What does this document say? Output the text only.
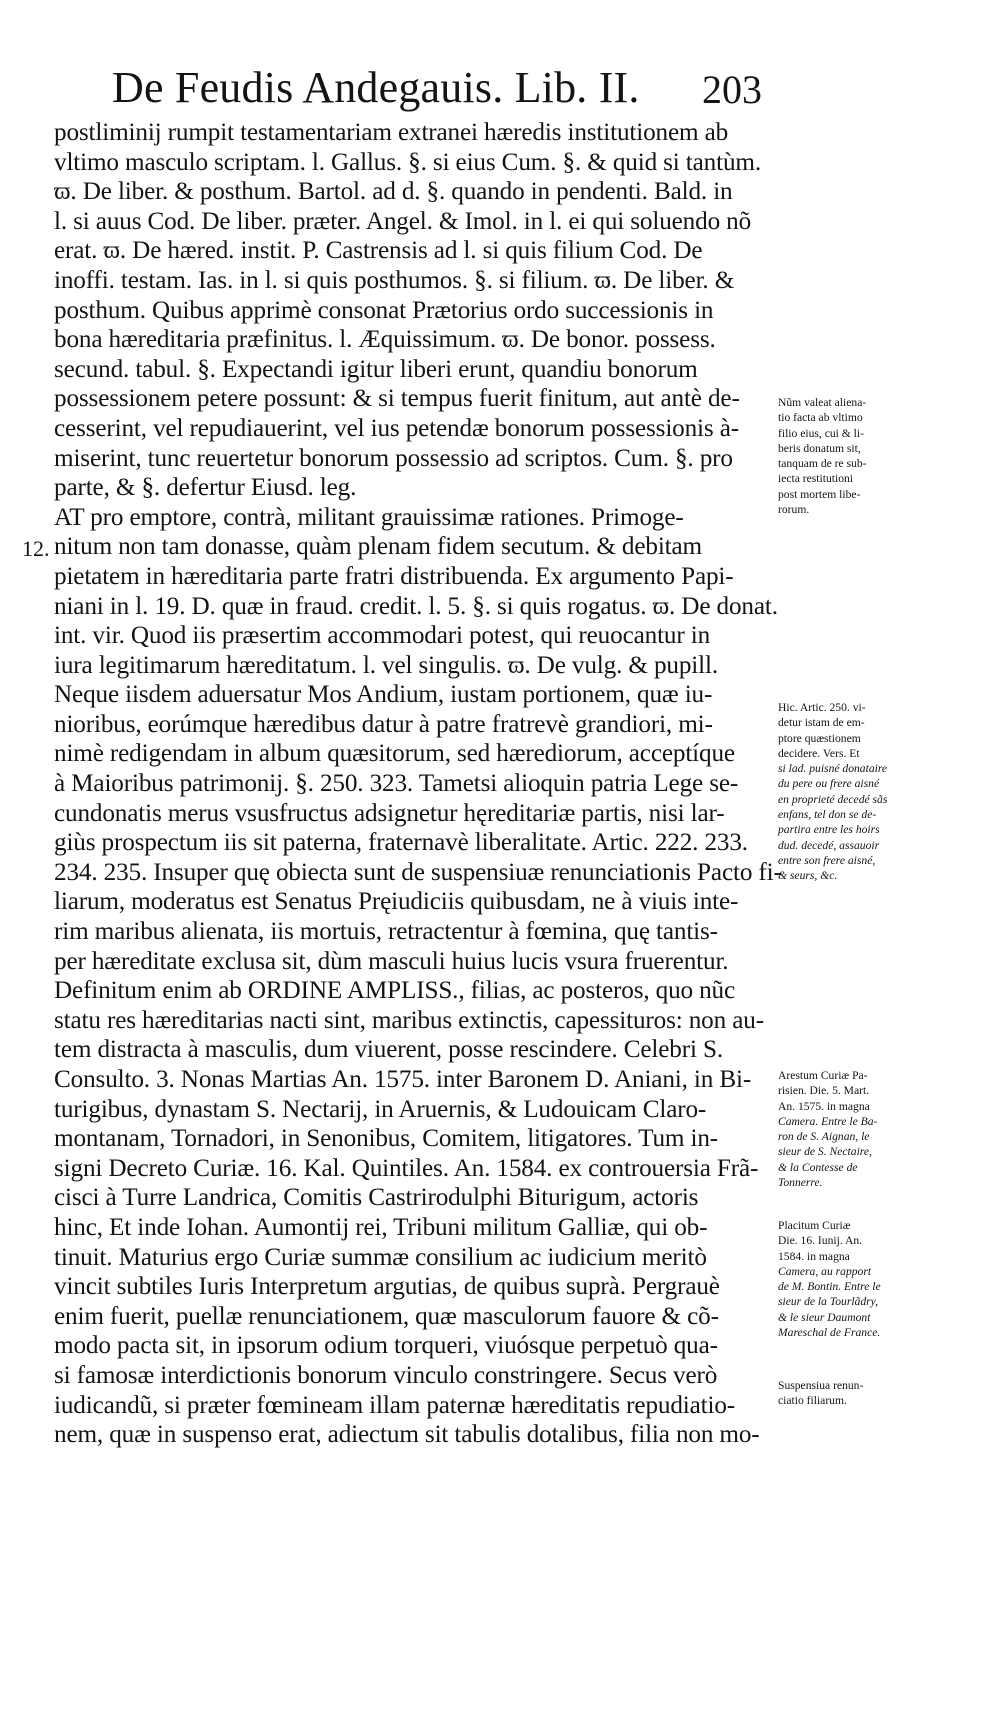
De Feudis Andegauis. Lib. II. 203
12.
postliminij rumpit testamentariam extranei hæredis institutionem ab
vltimo masculo scriptam. l. Gallus. §. si eius Cum. §. & quid si tantùm.
ϖ. De liber. & posthum. Bartol. ad d. §. quando in pendenti. Bald. in
l. si auus Cod. De liber. præter. Angel. & Imol. in l. ei qui soluendo nõ
erat. ϖ. De hæred. instit. P. Castrensis ad l. si quis filium Cod. De
inoffi. testam. Ias. in l. si quis posthumos. §. si filium. ϖ. De liber. &
posthum. Quibus apprimè consonat Prætorius ordo successionis in
bona hæreditaria præfinitus. l. Æquissimum. ϖ. De bonor. possess.
secund. tabul. §. Expectandi igitur liberi erunt, quandiu bonorum
possessionem petere possunt: & si tempus fuerit finitum, aut antè de-
cesserint, vel repudiauerint, vel ius petendæ bonorum possessionis à-
miserint, tunc reuertetur bonorum possessio ad scriptos. Cum. §. pro
parte, & §. defertur Eiusd. leg.
AT pro emptore, contrà, militant grauissimæ rationes. Primoge-
nitum non tam donasse, quàm plenam fidem secutum. & debitam
pietatem in hæreditaria parte fratri distribuenda. Ex argumento Papi-
niani in l. 19. D. quæ in fraud. credit. l. 5. §. si quis rogatus. ϖ. De donat.
int. vir. Quod iis præsertim accommodari potest, qui reuocantur in
iura legitimarum hæreditatum. l. vel singulis. ϖ. De vulg. & pupill.
Neque iisdem aduersatur Mos Andium, iustam portionem, quæ iu-
nioribus, eorúmque hæredibus datur à patre fratrevè grandiori, mi-
nimè redigendam in album quæsitorum, sed hærediorum, acceptíque
à Maioribus patrimonij. §. 250. 323. Tametsi alioquin patria Lege se-
cundonatis merus vsusfructus adsignetur hęreditariæ partis, nisi lar-
giùs prospectum iis sit paterna, fraternavè liberalitate. Artic. 222. 233.
234. 235. Insuper quę obiecta sunt de suspensiuæ renunciationis Pacto fi-
liarum, moderatus est Senatus Pręiudiciis quibusdam, ne à viuis inte-
rim maribus alienata, iis mortuis, retractentur à fœmina, quę tantis-
per hæreditate exclusa sit, dùm masculi huius lucis vsura fruerentur.
Definitum enim ab ORDINE AMPLISS., filias, ac posteros, quo nũc
statu res hæreditarias nacti sint, maribus extinctis, capessituros: non au-
tem distracta à masculis, dum viuerent, posse rescindere. Celebri S.
Consulto. 3. Nonas Martias An. 1575. inter Baronem D. Aniani, in Bi-
turigibus, dynastam S. Nectarij, in Aruernis, & Ludouicam Claro-
montanam, Tornadori, in Senonibus, Comitem, litigatores. Tum in-
signi Decreto Curiæ. 16. Kal. Quintiles. An. 1584. ex controuersia Frã-
cisci à Turre Landrica, Comitis Castrirodulphi Biturigum, actoris
hinc, Et inde Iohan. Aumontij rei, Tribuni militum Galliæ, qui ob-
tinuit. Maturius ergo Curiæ summæ consilium ac iudicium meritò
vincit subtiles Iuris Interpretum argutias, de quibus suprà. Pergrauè
enim fuerit, puellæ renunciationem, quæ masculorum fauore & cõ-
modo pacta sit, in ipsorum odium torqueri, viuósque perpetuò qua-
si famosæ interdictionis bonorum vinculo constringere. Secus verò
iudicandũ, si præter fœmineam illam paternæ hæreditatis repudiatio-
nem, quæ in suspenso erat, adiectum sit tabulis dotalibus, filia non mo-
Nũm valeat aliena-
tio facta ab vltimo
filio eius, cui & li-
beris donatum sit,
tanquam de re sub-
iecta restitutioni
post mortem libe-
rorum.
Hic. Artic. 250. vi-
detur istam de em-
ptore quæstionem
decidere. Vers. Et
si lad. puisné donataire
du pere ou frere aisné
en proprieté decedé sãs
enfans, tel don se de-
partira entre les hoirs
dud. decedé, assauoir
entre son frere aisné,
& seurs, &c.
Arestum Curiæ Pa-
risien. Die. 5. Mart.
An. 1575. in magna
Camera. Entre le Ba-
ron de S. Aignan, le
sieur de S. Nectaire,
& la Contesse de
Tonnerre.
Placitum Curiæ
Die. 16. Iunij. An.
1584. in magna
Camera, au rapport
de M. Bontin. Entre le
sieur de la Tourlãdry,
& le sieur Daumont
Mareschal de France.
Suspensiua renun-
ciatio filiarum.
